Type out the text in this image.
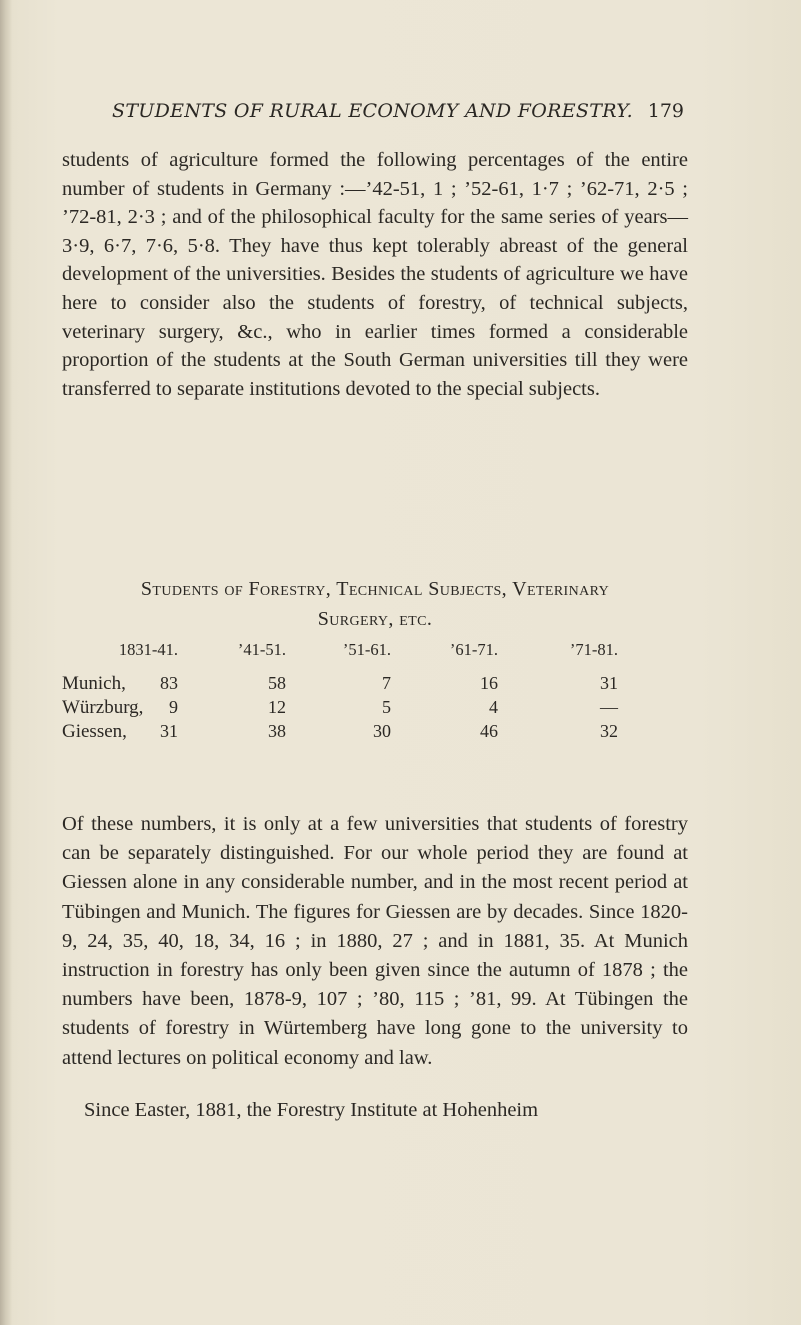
STUDENTS OF RURAL ECONOMY AND FORESTRY. 179
students of agriculture formed the following percentages of the entire number of students in Germany :—’42-51, 1 ; ’52-61, 1·7 ; ’62-71, 2·5 ; ’72-81, 2·3 ; and of the philosophical faculty for the same series of years—3·9, 6·7, 7·6, 5·8. They have thus kept tolerably abreast of the general development of the universities. Besides the students of agriculture we have here to consider also the students of forestry, of technical subjects, veterinary surgery, &c., who in earlier times formed a considerable proportion of the students at the South German universities till they were transferred to separate institutions devoted to the special subjects.
Students of Forestry, Technical Subjects, Veterinary
Surgery, etc.
1831-41.	’41-51.	’51-61.	’61-71.	’71-81.
Munich, 83	58	7	16	31
Würzburg, 9	12	5	4	—
Giessen, 31	38	30	46	32
Of these numbers, it is only at a few universities that students of forestry can be separately distinguished. For our whole period they are found at Giessen alone in any considerable number, and in the most recent period at Tübingen and Munich. The figures for Giessen are by decades. Since 1820-9, 24, 35, 40, 18, 34, 16 ; in 1880, 27 ; and in 1881, 35. At Munich instruction in forestry has only been given since the autumn of 1878 ; the numbers have been, 1878-9, 107 ; ’80, 115 ; ’81, 99. At Tübingen the students of forestry in Würtemberg have long gone to the university to attend lectures on political economy and law.
Since Easter, 1881, the Forestry Institute at Hohenheim
